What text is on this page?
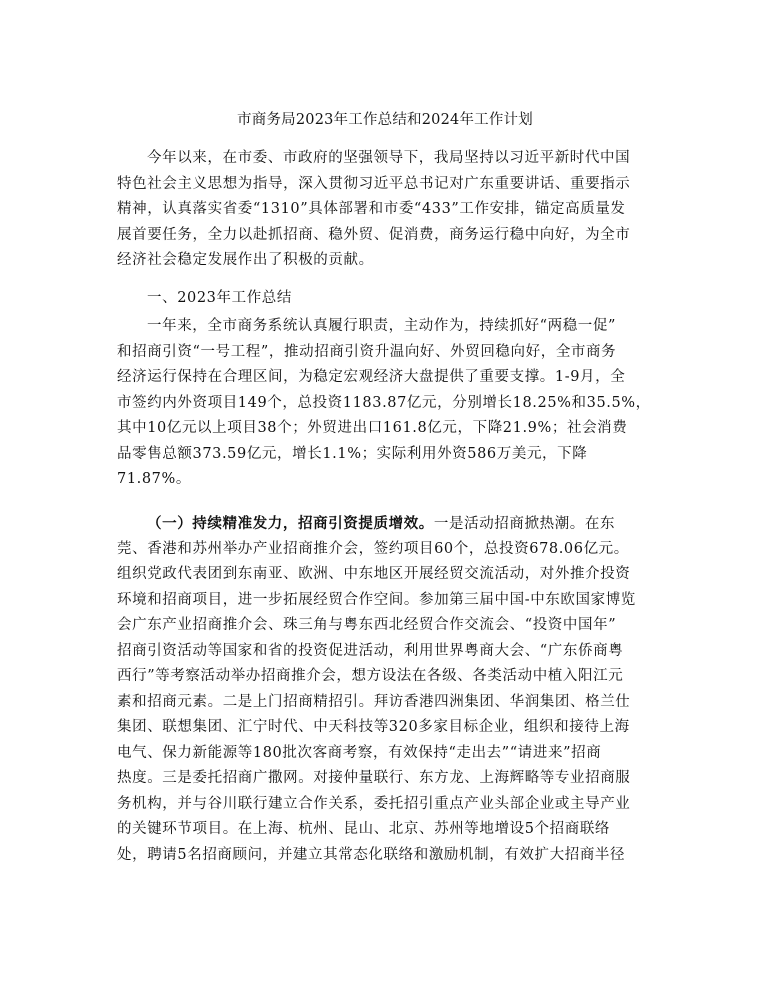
市商务局2023年工作总结和2024年工作计划
今年以来，在市委、市政府的坚强领导下，我局坚持以习近平新时代中国
特色社会主义思想为指导，深入贯彻习近平总书记对广东重要讲话、重要指示
精神，认真落实省委“1310”具体部署和市委“433”工作安排，锚定高质量发
展首要任务，全力以赴抓招商、稳外贸、促消费，商务运行稳中向好，为全市
经济社会稳定发展作出了积极的贡献。
一、2023年工作总结
一年来，全市商务系统认真履行职责，主动作为，持续抓好“两稳一促”
和招商引资“一号工程”，推动招商引资升温向好、外贸回稳向好，全市商务
经济运行保持在合理区间，为稳定宏观经济大盘提供了重要支撑。1-9月，全
市签约内外资项目149个，总投资1183.87亿元，分别增长18.25%和35.5%，
其中10亿元以上项目38个；外贸进出口161.8亿元，下降21.9%；社会消费
品零售总额373.59亿元，增长1.1%；实际利用外资586万美元，下降
71.87%。
（一）持续精准发力，招商引资提质增效。一是活动招商掀热潮。在东
莞、香港和苏州举办产业招商推介会，签约项目60个，总投资678.06亿元。
组织党政代表团到东南亚、欧洲、中东地区开展经贸交流活动，对外推介投资
环境和招商项目，进一步拓展经贸合作空间。参加第三届中国-中东欧国家博览
会广东产业招商推介会、珠三角与粤东西北经贸合作交流会、“投资中国年”
招商引资活动等国家和省的投资促进活动，利用世界粤商大会、“广东侨商粤
西行”等考察活动举办招商推介会，想方设法在各级、各类活动中植入阳江元
素和招商元素。二是上门招商精招引。拜访香港四洲集团、华润集团、格兰仕
集团、联想集团、汇宁时代、中天科技等320多家目标企业，组织和接待上海
电气、保力新能源等180批次客商考察，有效保持“走出去”“请进来”招商
热度。三是委托招商广撒网。对接仲量联行、东方龙、上海辉略等专业招商服
务机构，并与谷川联行建立合作关系，委托招引重点产业头部企业或主导产业
的关键环节项目。在上海、杭州、昆山、北京、苏州等地增设5个招商联络
处，聘请5名招商顾问，并建立其常态化联络和激励机制，有效扩大招商半径
